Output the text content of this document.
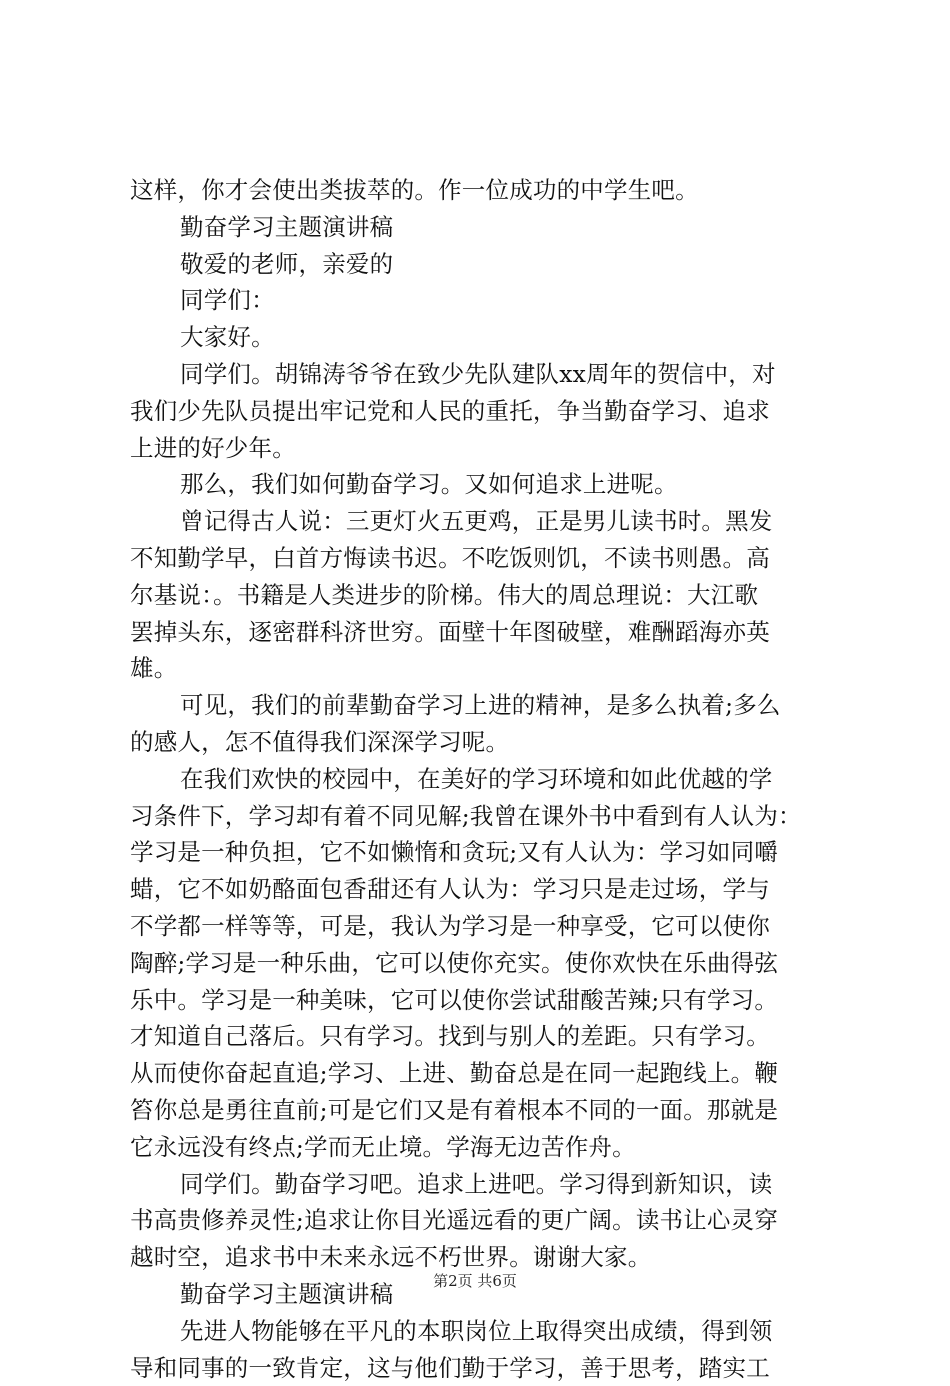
这样，你才会使出类拔萃的。作一位成功的中学生吧。
勤奋学习主题演讲稿
敬爱的老师，亲爱的
同学们：
大家好。
同学们。胡锦涛爷爷在致少先队建队xx周年的贺信中，对
我们少先队员提出牢记党和人民的重托，争当勤奋学习、追求
上进的好少年。
那么，我们如何勤奋学习。又如何追求上进呢。
曾记得古人说：三更灯火五更鸡，正是男儿读书时。黑发
不知勤学早，白首方悔读书迟。不吃饭则饥，不读书则愚。高
尔基说：。书籍是人类进步的阶梯。伟大的周总理说：大江歌
罢掉头东，逐密群科济世穷。面壁十年图破壁，难酬蹈海亦英
雄。
可见，我们的前辈勤奋学习上进的精神，是多么执着;多么
的感人，怎不值得我们深深学习呢。
在我们欢快的校园中，在美好的学习环境和如此优越的学
习条件下，学习却有着不同见解;我曾在课外书中看到有人认为：
学习是一种负担，它不如懒惰和贪玩;又有人认为：学习如同嚼
蜡，它不如奶酪面包香甜还有人认为：学习只是走过场，学与
不学都一样等等，可是，我认为学习是一种享受，它可以使你
陶醉;学习是一种乐曲，它可以使你充实。使你欢快在乐曲得弦
乐中。学习是一种美味，它可以使你尝试甜酸苦辣;只有学习。
才知道自己落后。只有学习。找到与别人的差距。只有学习。
从而使你奋起直追;学习、上进、勤奋总是在同一起跑线上。鞭
笞你总是勇往直前;可是它们又是有着根本不同的一面。那就是
它永远没有终点;学而无止境。学海无边苦作舟。
同学们。勤奋学习吧。追求上进吧。学习得到新知识，读
书高贵修养灵性;追求让你目光遥远看的更广阔。读书让心灵穿
越时空，追求书中未来永远不朽世界。谢谢大家。
勤奋学习主题演讲稿
先进人物能够在平凡的本职岗位上取得突出成绩，得到领
导和同事的一致肯定，这与他们勤于学习，善于思考，踏实工
第2页 共6页
